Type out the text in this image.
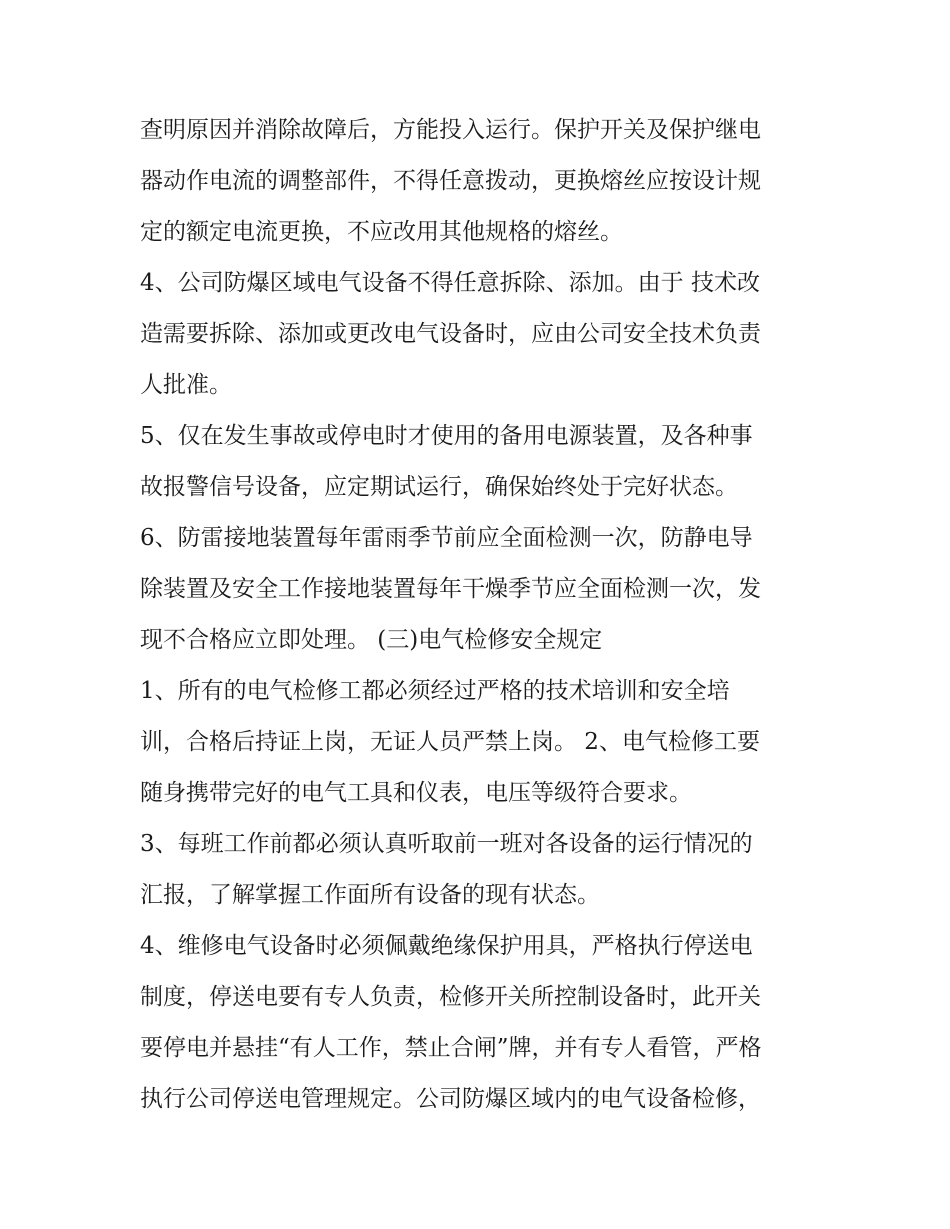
查明原因并消除故障后，方能投入运行。保护开关及保护继电
器动作电流的调整部件，不得任意拨动，更换熔丝应按设计规
定的额定电流更换，不应改用其他规格的熔丝。
4、公司防爆区域电气设备不得任意拆除、添加。由于 技术改
造需要拆除、添加或更改电气设备时，应由公司安全技术负责
人批准。
5、仅在发生事故或停电时才使用的备用电源装置，及各种事
故报警信号设备，应定期试运行，确保始终处于完好状态。
6、防雷接地装置每年雷雨季节前应全面检测一次，防静电导
除装置及安全工作接地装置每年干燥季节应全面检测一次，发
现不合格应立即处理。 (三)电气检修安全规定
1、所有的电气检修工都必须经过严格的技术培训和安全培
训，合格后持证上岗，无证人员严禁上岗。 2、电气检修工要
随身携带完好的电气工具和仪表，电压等级符合要求。
3、每班工作前都必须认真听取前一班对各设备的运行情况的
汇报，了解掌握工作面所有设备的现有状态。
4、维修电气设备时必须佩戴绝缘保护用具，严格执行停送电
制度，停送电要有专人负责，检修开关所控制设备时，此开关
要停电并悬挂“有人工作，禁止合闸”牌，并有专人看管，严格
执行公司停送电管理规定。公司防爆区域内的电气设备检修，
